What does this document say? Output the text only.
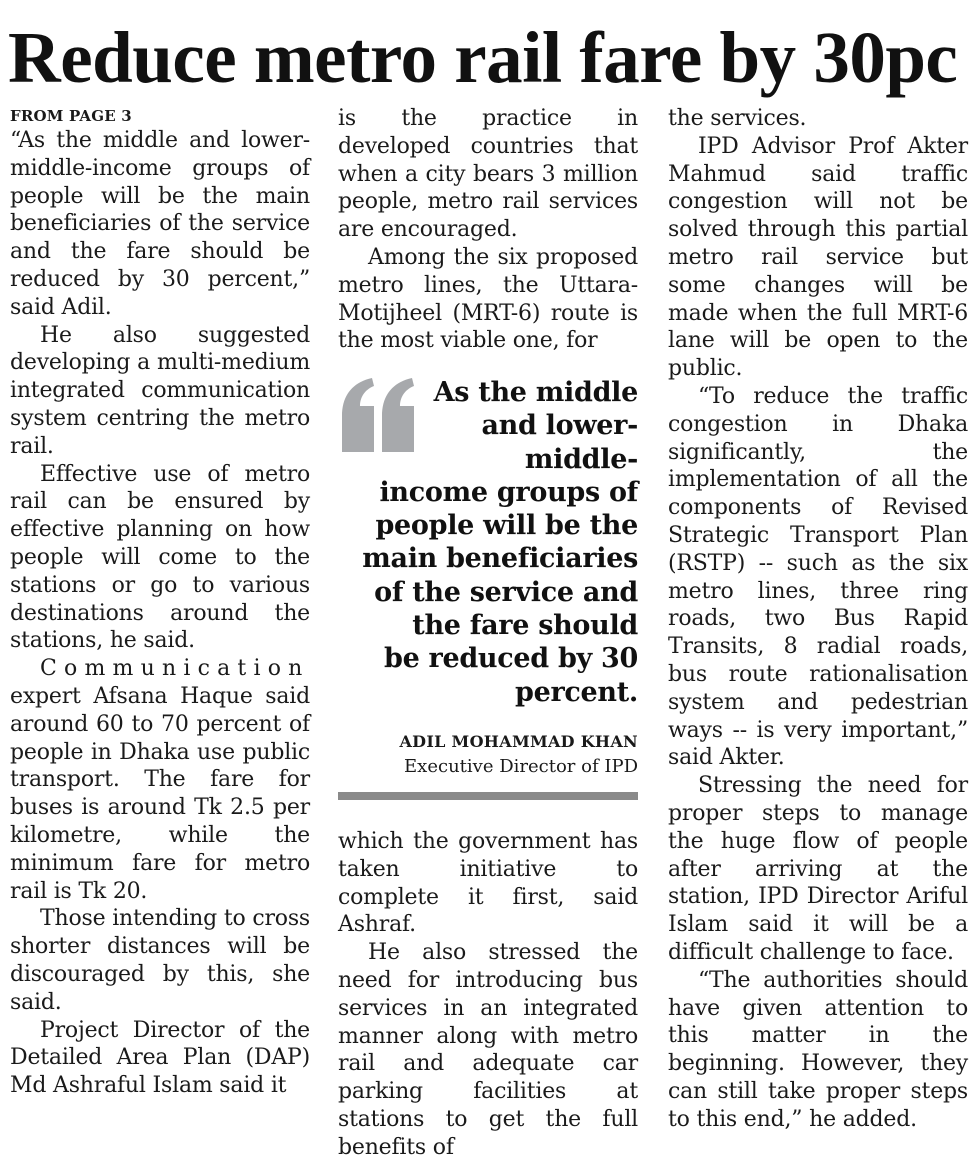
Reduce metro rail fare by 30pc
FROM PAGE 3

“As the middle and lower-middle-income groups of people will be the main beneficiaries of the service and the fare should be reduced by 30 percent,” said Adil.

He also suggested developing a multi-medium integrated communication system centring the metro rail.

Effective use of metro rail can be ensured by effective planning on how people will come to the stations or go to various destinations around the stations, he said.

Communication expert Afsana Haque said around 60 to 70 percent of people in Dhaka use public transport. The fare for buses is around Tk 2.5 per kilometre, while the minimum fare for metro rail is Tk 20.

Those intending to cross shorter distances will be discouraged by this, she said.

Project Director of the Detailed Area Plan (DAP) Md Ashraful Islam said it

is the practice in developed countries that when a city bears 3 million people, metro rail services are encouraged.

Among the six proposed metro lines, the Uttara-Motijheel (MRT-6) route is the most viable one, for

As the middle
and lower-
middle-
income groups of
people will be the
main beneficiaries
of the service and
the fare should
be reduced by 30
percent.
ADIL MOHAMMAD KHAN
Executive Director of IPD

which the government has taken initiative to complete it first, said Ashraf.

He also stressed the need for introducing bus services in an integrated manner along with metro rail and adequate car parking facilities at stations to get the full benefits of

the services.

IPD Advisor Prof Akter Mahmud said traffic congestion will not be solved through this partial metro rail service but some changes will be made when the full MRT-6 lane will be open to the public.

“To reduce the traffic congestion in Dhaka significantly, the implementation of all the components of Revised Strategic Transport Plan (RSTP) -- such as the six metro lines, three ring roads, two Bus Rapid Transits, 8 radial roads, bus route rationalisation system and pedestrian ways -- is very important,” said Akter.

Stressing the need for proper steps to manage the huge flow of people after arriving at the station, IPD Director Ariful Islam said it will be a difficult challenge to face.

“The authorities should have given attention to this matter in the beginning. However, they can still take proper steps to this end,” he added.
